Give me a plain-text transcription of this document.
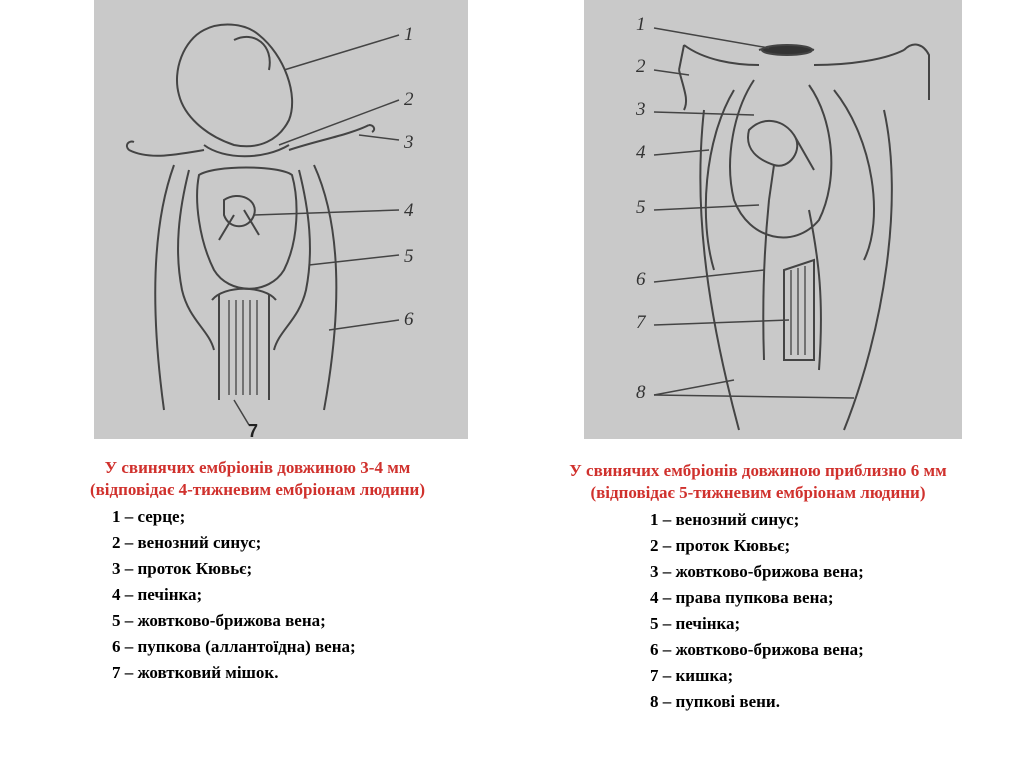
1
2
3
4
5
6
7
1
2
3
4
5
6
7
8
У свинячих ембріонів довжиною 3-4 мм
(відповідає 4-тижневим ембріонам людини)
1 – серце;
2 – венозний синус;
3 – проток Кювьє;
4 – печінка;
5 – жовтково-брижова вена;
6 – пупкова (аллантоїдна) вена;
7 – жовтковий мішок.
У свинячих ембріонів довжиною приблизно 6 мм
(відповідає 5-тижневим ембріонам людини)
1 – венозний синус;
2 – проток Кювьє;
3 – жовтково-брижова вена;
4 – права пупкова вена;
5 – печінка;
6 – жовтково-брижова вена;
7 – кишка;
8 – пупкові вени.
